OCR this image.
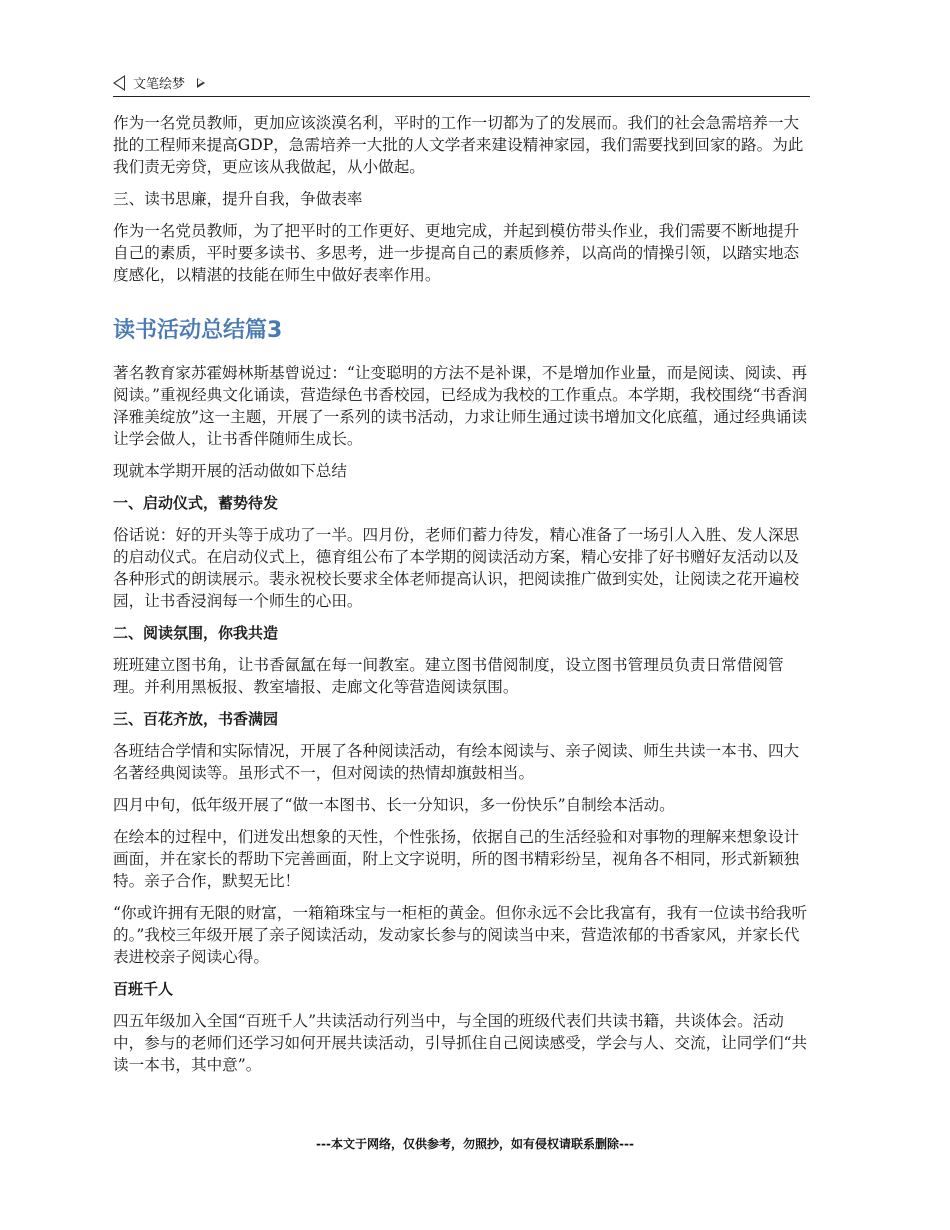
文笔绘梦

作为一名党员教师，更加应该淡漠名利，平时的工作一切都为了的发展而。我们的社会急需培养一大批的工程师来提高GDP，急需培养一大批的人文学者来建设精神家园，我们需要找到回家的路。为此我们责无旁贷，更应该从我做起，从小做起。

三、读书思廉，提升自我，争做表率

作为一名党员教师，为了把平时的工作更好、更地完成，并起到模仿带头作业，我们需要不断地提升自己的素质，平时要多读书、多思考，进一步提高自己的素质修养，以高尚的情操引领，以踏实地态度感化，以精湛的技能在师生中做好表率作用。

读书活动总结篇3

著名教育家苏霍姆林斯基曾说过：“让变聪明的方法不是补课，不是增加作业量，而是阅读、阅读、再阅读。”重视经典文化诵读，营造绿色书香校园，已经成为我校的工作重点。本学期，我校围绕“书香润泽雅美绽放”这一主题，开展了一系列的读书活动，力求让师生通过读书增加文化底蕴，通过经典诵读让学会做人，让书香伴随师生成长。

现就本学期开展的活动做如下总结

一、启动仪式，蓄势待发

俗话说：好的开头等于成功了一半。四月份，老师们蓄力待发，精心准备了一场引人入胜、发人深思的启动仪式。在启动仪式上，德育组公布了本学期的阅读活动方案，精心安排了好书赠好友活动以及各种形式的朗读展示。裴永祝校长要求全体老师提高认识，把阅读推广做到实处，让阅读之花开遍校园，让书香浸润每一个师生的心田。

二、阅读氛围，你我共造

班班建立图书角，让书香氤氲在每一间教室。建立图书借阅制度，设立图书管理员负责日常借阅管理。并利用黑板报、教室墙报、走廊文化等营造阅读氛围。

三、百花齐放，书香满园

各班结合学情和实际情况，开展了各种阅读活动，有绘本阅读与、亲子阅读、师生共读一本书、四大名著经典阅读等。虽形式不一，但对阅读的热情却旗鼓相当。

四月中旬，低年级开展了“做一本图书、长一分知识，多一份快乐”自制绘本活动。

在绘本的过程中，们迸发出想象的天性，个性张扬，依据自己的生活经验和对事物的理解来想象设计画面，并在家长的帮助下完善画面，附上文字说明，所的图书精彩纷呈，视角各不相同，形式新颖独特。亲子合作，默契无比！

“你或许拥有无限的财富，一箱箱珠宝与一柜柜的黄金。但你永远不会比我富有，我有一位读书给我听的。”我校三年级开展了亲子阅读活动，发动家长参与的阅读当中来，营造浓郁的书香家风，并家长代表进校亲子阅读心得。

百班千人

四五年级加入全国“百班千人”共读活动行列当中，与全国的班级代表们共读书籍，共谈体会。活动中，参与的老师们还学习如何开展共读活动，引导抓住自己阅读感受，学会与人、交流，让同学们“共读一本书，其中意”。

---本文于网络，仅供参考，勿照抄，如有侵权请联系删除---
